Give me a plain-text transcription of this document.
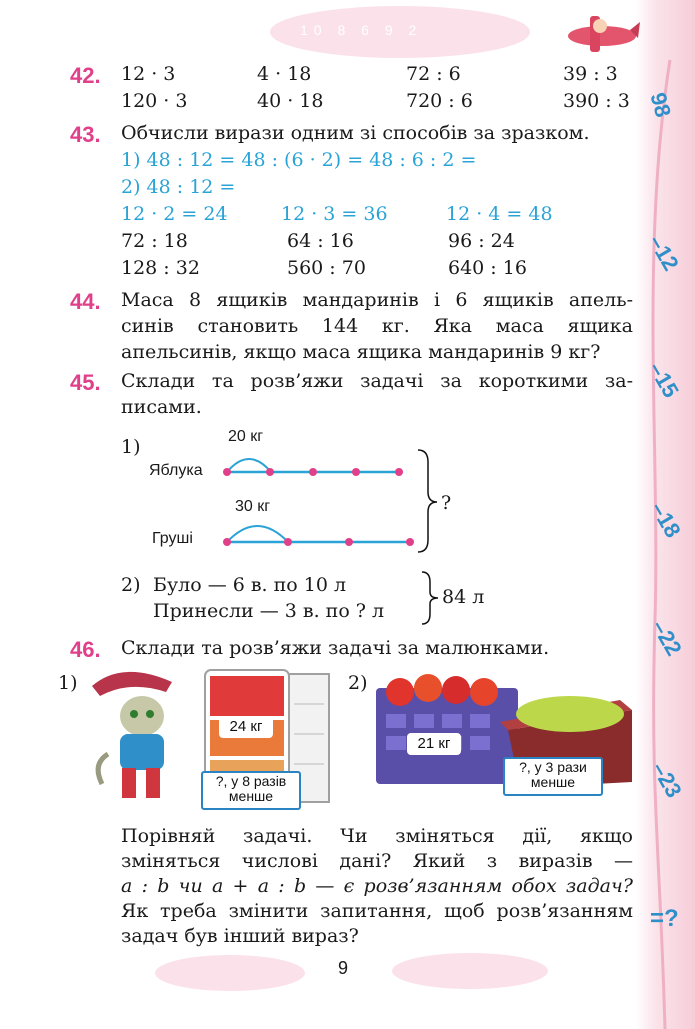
98
–12
–15
–18
–22
–23
=?
10 8 6 9 2
42. 12 · 3	4 · 18	72 : 6	39 : 3
120 · 3	40 · 18	720 : 6	390 : 3
43. Обчисли вирази одним зі способів за зразком.
1) 48 : 12 = 48 : (6 · 2) = 48 : 6 : 2 =
2) 48 : 12 =
12 · 2 = 24	12 · 3 = 36	12 · 4 = 48
72 : 18	64 : 16	96 : 24
128 : 32	560 : 70	640 : 16
44. Маса 8 ящиків мандаринів і 6 ящиків апель-
синів становить 144 кг. Яка маса ящика
апельсинів, якщо маса ящика мандаринів 9 кг?
45. Склади та розв’яжи задачі за короткими за-
писами.
1)	20 кг
Яблука
30 кг
Груші
?
2) Було — 6 в. по 10 л
Принесли — 3 в. по ? л
84 л
46. Склади та розв’яжи задачі за малюнками.
1)
24 кг
?, у 8 разів
менше
2)
21 кг
?, у 3 рази
менше
Порівняй задачі. Чи зміняться дії, якщо
зміняться числові дані? Який з виразів —
a : b чи a + a : b — є розв’язанням обох задач?
Як треба змінити запитання, щоб розв’язанням
задач був інший вираз?
9
